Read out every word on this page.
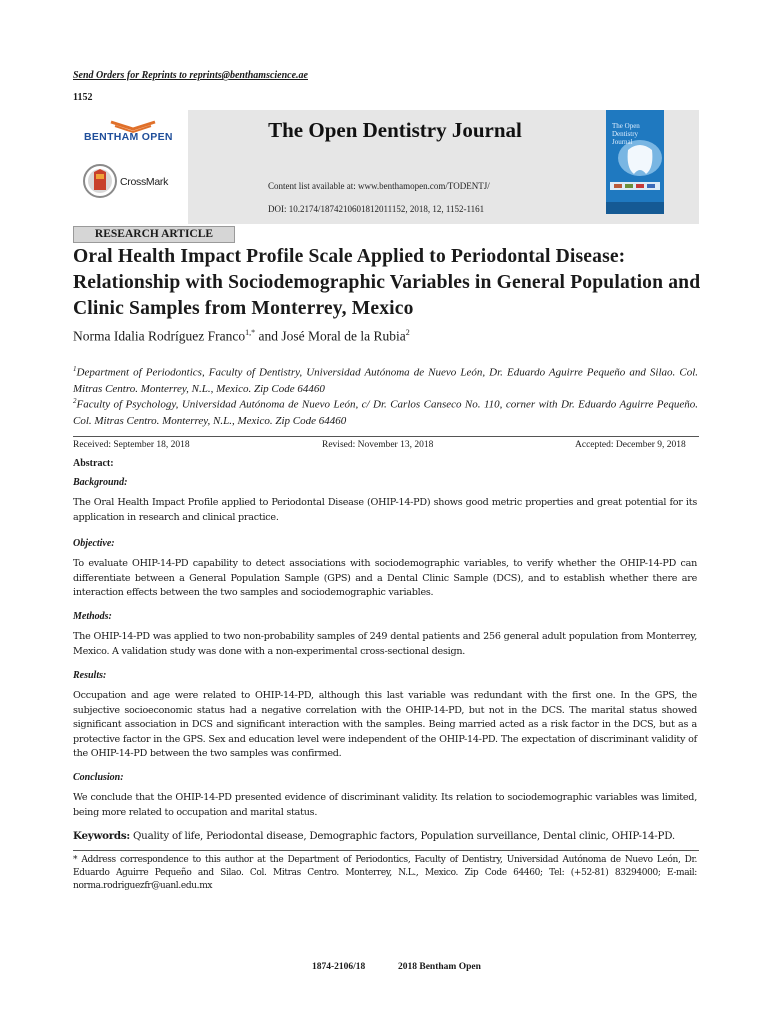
Send Orders for Reprints to reprints@benthamscience.ae
1152
BENTHAM OPEN
CrossMark
The Open Dentistry Journal
Content list available at: www.benthamopen.com/TODENTJ/
DOI: 10.2174/1874210601812011152, 2018, 12, 1152-1161
The Open Dentistry Journal
RESEARCH ARTICLE
Oral Health Impact Profile Scale Applied to Periodontal Disease: Relationship with Sociodemographic Variables in General Population and Clinic Samples from Monterrey, Mexico
Norma Idalia Rodríguez Franco$^{1,*}$ and José Moral de la Rubia$^2$
$^1$Department of Periodontics, Faculty of Dentistry, Universidad Autónoma de Nuevo León, Dr. Eduardo Aguirre Pequeño and Silao. Col. Mitras Centro. Monterrey, N.L., Mexico. Zip Code 64460
$^2$Faculty of Psychology, Universidad Autónoma de Nuevo León, c/ Dr. Carlos Canseco No. 110, corner with Dr. Eduardo Aguirre Pequeño. Col. Mitras Centro. Monterrey, N.L., Mexico. Zip Code 64460
Received: September 18, 2018	Revised: November 13, 2018	Accepted: December 9, 2018
Abstract:
Background:
The Oral Health Impact Profile applied to Periodontal Disease (OHIP-14-PD) shows good metric properties and great potential for its application in research and clinical practice.
Objective:
To evaluate OHIP-14-PD capability to detect associations with sociodemographic variables, to verify whether the OHIP-14-PD can differentiate between a General Population Sample (GPS) and a Dental Clinic Sample (DCS), and to establish whether there are interaction effects between the two samples and sociodemographic variables.
Methods:
The OHIP-14-PD was applied to two non-probability samples of 249 dental patients and 256 general adult population from Monterrey, Mexico. A validation study was done with a non-experimental cross-sectional design.
Results:
Occupation and age were related to OHIP-14-PD, although this last variable was redundant with the first one. In the GPS, the subjective socioeconomic status had a negative correlation with the OHIP-14-PD, but not in the DCS. The marital status showed significant association in DCS and significant interaction with the samples. Being married acted as a risk factor in the DCS, but as a protective factor in the GPS. Sex and education level were independent of the OHIP-14-PD. The expectation of discriminant validity of the OHIP-14-PD between the two samples was confirmed.
Conclusion:
We conclude that the OHIP-14-PD presented evidence of discriminant validity. Its relation to sociodemographic variables was limited, being more related to occupation and marital status.
Keywords: Quality of life, Periodontal disease, Demographic factors, Population surveillance, Dental clinic, OHIP-14-PD.
* Address correspondence to this author at the Department of Periodontics, Faculty of Dentistry, Universidad Autónoma de Nuevo León, Dr. Eduardo Aguirre Pequeño and Silao. Col. Mitras Centro. Monterrey, N.L., Mexico. Zip Code 64460; Tel: (+52-81) 83294000; E-mail: norma.rodriguezfr@uanl.edu.mx
1874-2106/18	2018 Bentham Open
